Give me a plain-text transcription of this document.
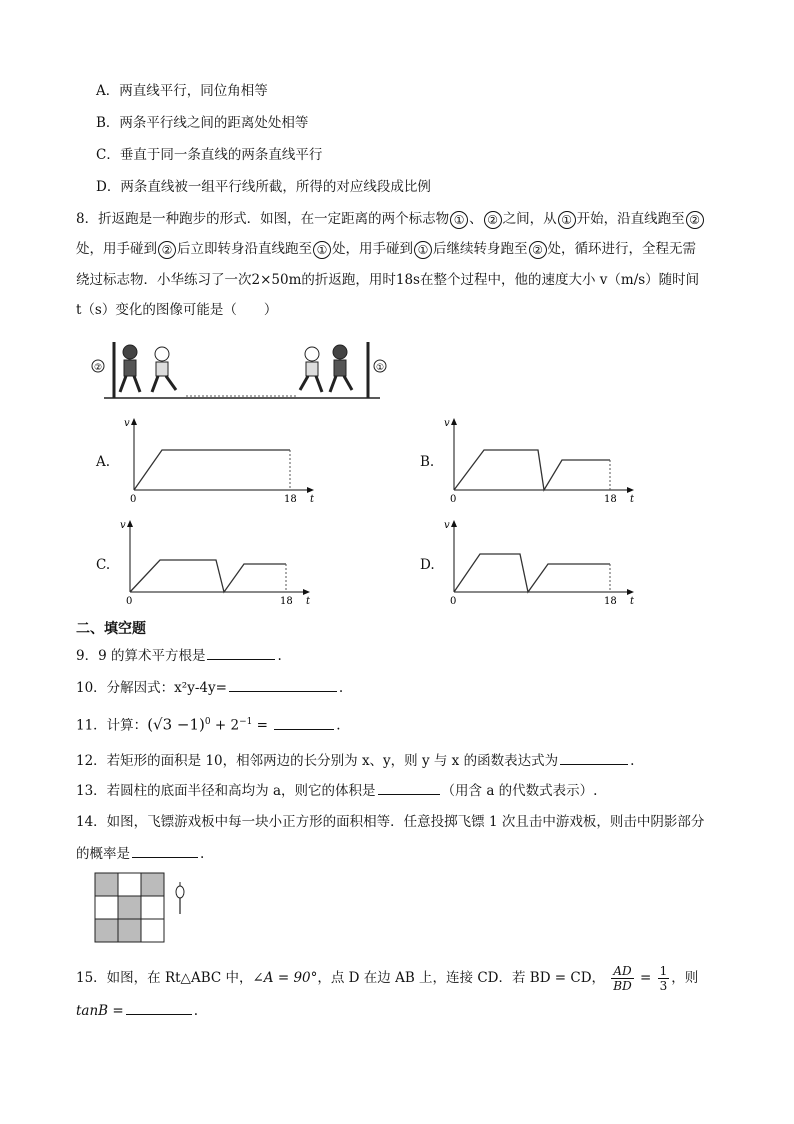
A．两直线平行，同位角相等
B．两条平行线之间的距离处处相等
C．垂直于同一条直线的两条直线平行
D．两条直线被一组平行线所截，所得的对应线段成比例
8．折返跑是一种跑步的形式．如图，在一定距离的两个标志物 ① 、 ② 之间，从 ① 开始，沿直线跑至 ②
处，用手碰到 ② 后立即转身沿直线跑至 ① 处，用手碰到 ① 后继续转身跑至 ② 处，循环进行，全程无需
绕过标志物．小华练习了一次2×50m的折返跑，用时18s在整个过程中，他的速度大小 v（m/s）随时间
t（s）变化的图像可能是（　　）
②	①
A.	B.
C.	D.
v
t
0	18
v
t
0	18
v
t
0	18
v
t
0	18
二、填空题
9．9 的算术平方根是	.
10．分解因式：x²y-4y=	.
11．计算：$(√3 -1)^0 + 2^{-1}$ =	.
12．若矩形的面积是 10，相邻两边的长分别为 x、y，则 y 与 x 的函数表达式为	.
13．若圆柱的底面半径和高均为 a，则它的体积是	（用含 a 的代数式表示）.
14．如图，飞镖游戏板中每一块小正方形的面积相等．任意投掷飞镖 1 次且击中游戏板，则击中阴影部分
的概率是	.
15．如图，在 Rt△ABC 中，∠A = 90°，点 D 在边 AB 上，连接 CD．若 BD = CD， $\frac{AD}{BD} = \frac{1}{3}$ ，则
tanB =	.
